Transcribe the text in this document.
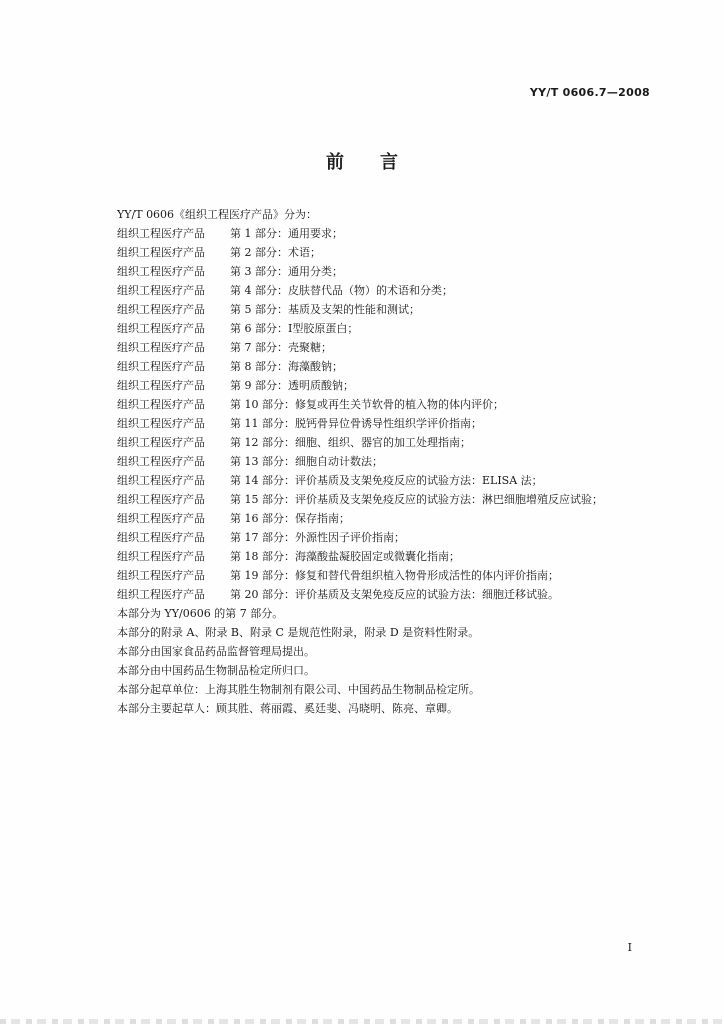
YY/T 0606.7—2008
前言
YY/T 0606《组织工程医疗产品》分为：
组织工程医疗产品 第 1 部分：通用要求；
组织工程医疗产品 第 2 部分：术语；
组织工程医疗产品 第 3 部分：通用分类；
组织工程医疗产品 第 4 部分：皮肤替代品（物）的术语和分类；
组织工程医疗产品 第 5 部分：基质及支架的性能和测试；
组织工程医疗产品 第 6 部分：Ⅰ型胶原蛋白；
组织工程医疗产品 第 7 部分：壳聚糖；
组织工程医疗产品 第 8 部分：海藻酸钠；
组织工程医疗产品 第 9 部分：透明质酸钠；
组织工程医疗产品 第 10 部分：修复或再生关节软骨的植入物的体内评价；
组织工程医疗产品 第 11 部分：脱钙骨异位骨诱导性组织学评价指南；
组织工程医疗产品 第 12 部分：细胞、组织、器官的加工处理指南；
组织工程医疗产品 第 13 部分：细胞自动计数法；
组织工程医疗产品 第 14 部分：评价基质及支架免疫反应的试验方法：ELISA 法；
组织工程医疗产品 第 15 部分：评价基质及支架免疫反应的试验方法：淋巴细胞增殖反应试验；
组织工程医疗产品 第 16 部分：保存指南；
组织工程医疗产品 第 17 部分：外源性因子评价指南；
组织工程医疗产品 第 18 部分：海藻酸盐凝胶固定或微囊化指南；
组织工程医疗产品 第 19 部分：修复和替代骨组织植入物骨形成活性的体内评价指南；
组织工程医疗产品 第 20 部分：评价基质及支架免疫反应的试验方法：细胞迁移试验。
本部分为 YY/0606 的第 7 部分。
本部分的附录 A、附录 B、附录 C 是规范性附录，附录 D 是资料性附录。
本部分由国家食品药品监督管理局提出。
本部分由中国药品生物制品检定所归口。
本部分起草单位：上海其胜生物制剂有限公司、中国药品生物制品检定所。
本部分主要起草人：顾其胜、蒋丽霞、奚廷斐、冯晓明、陈亮、章卿。
I
